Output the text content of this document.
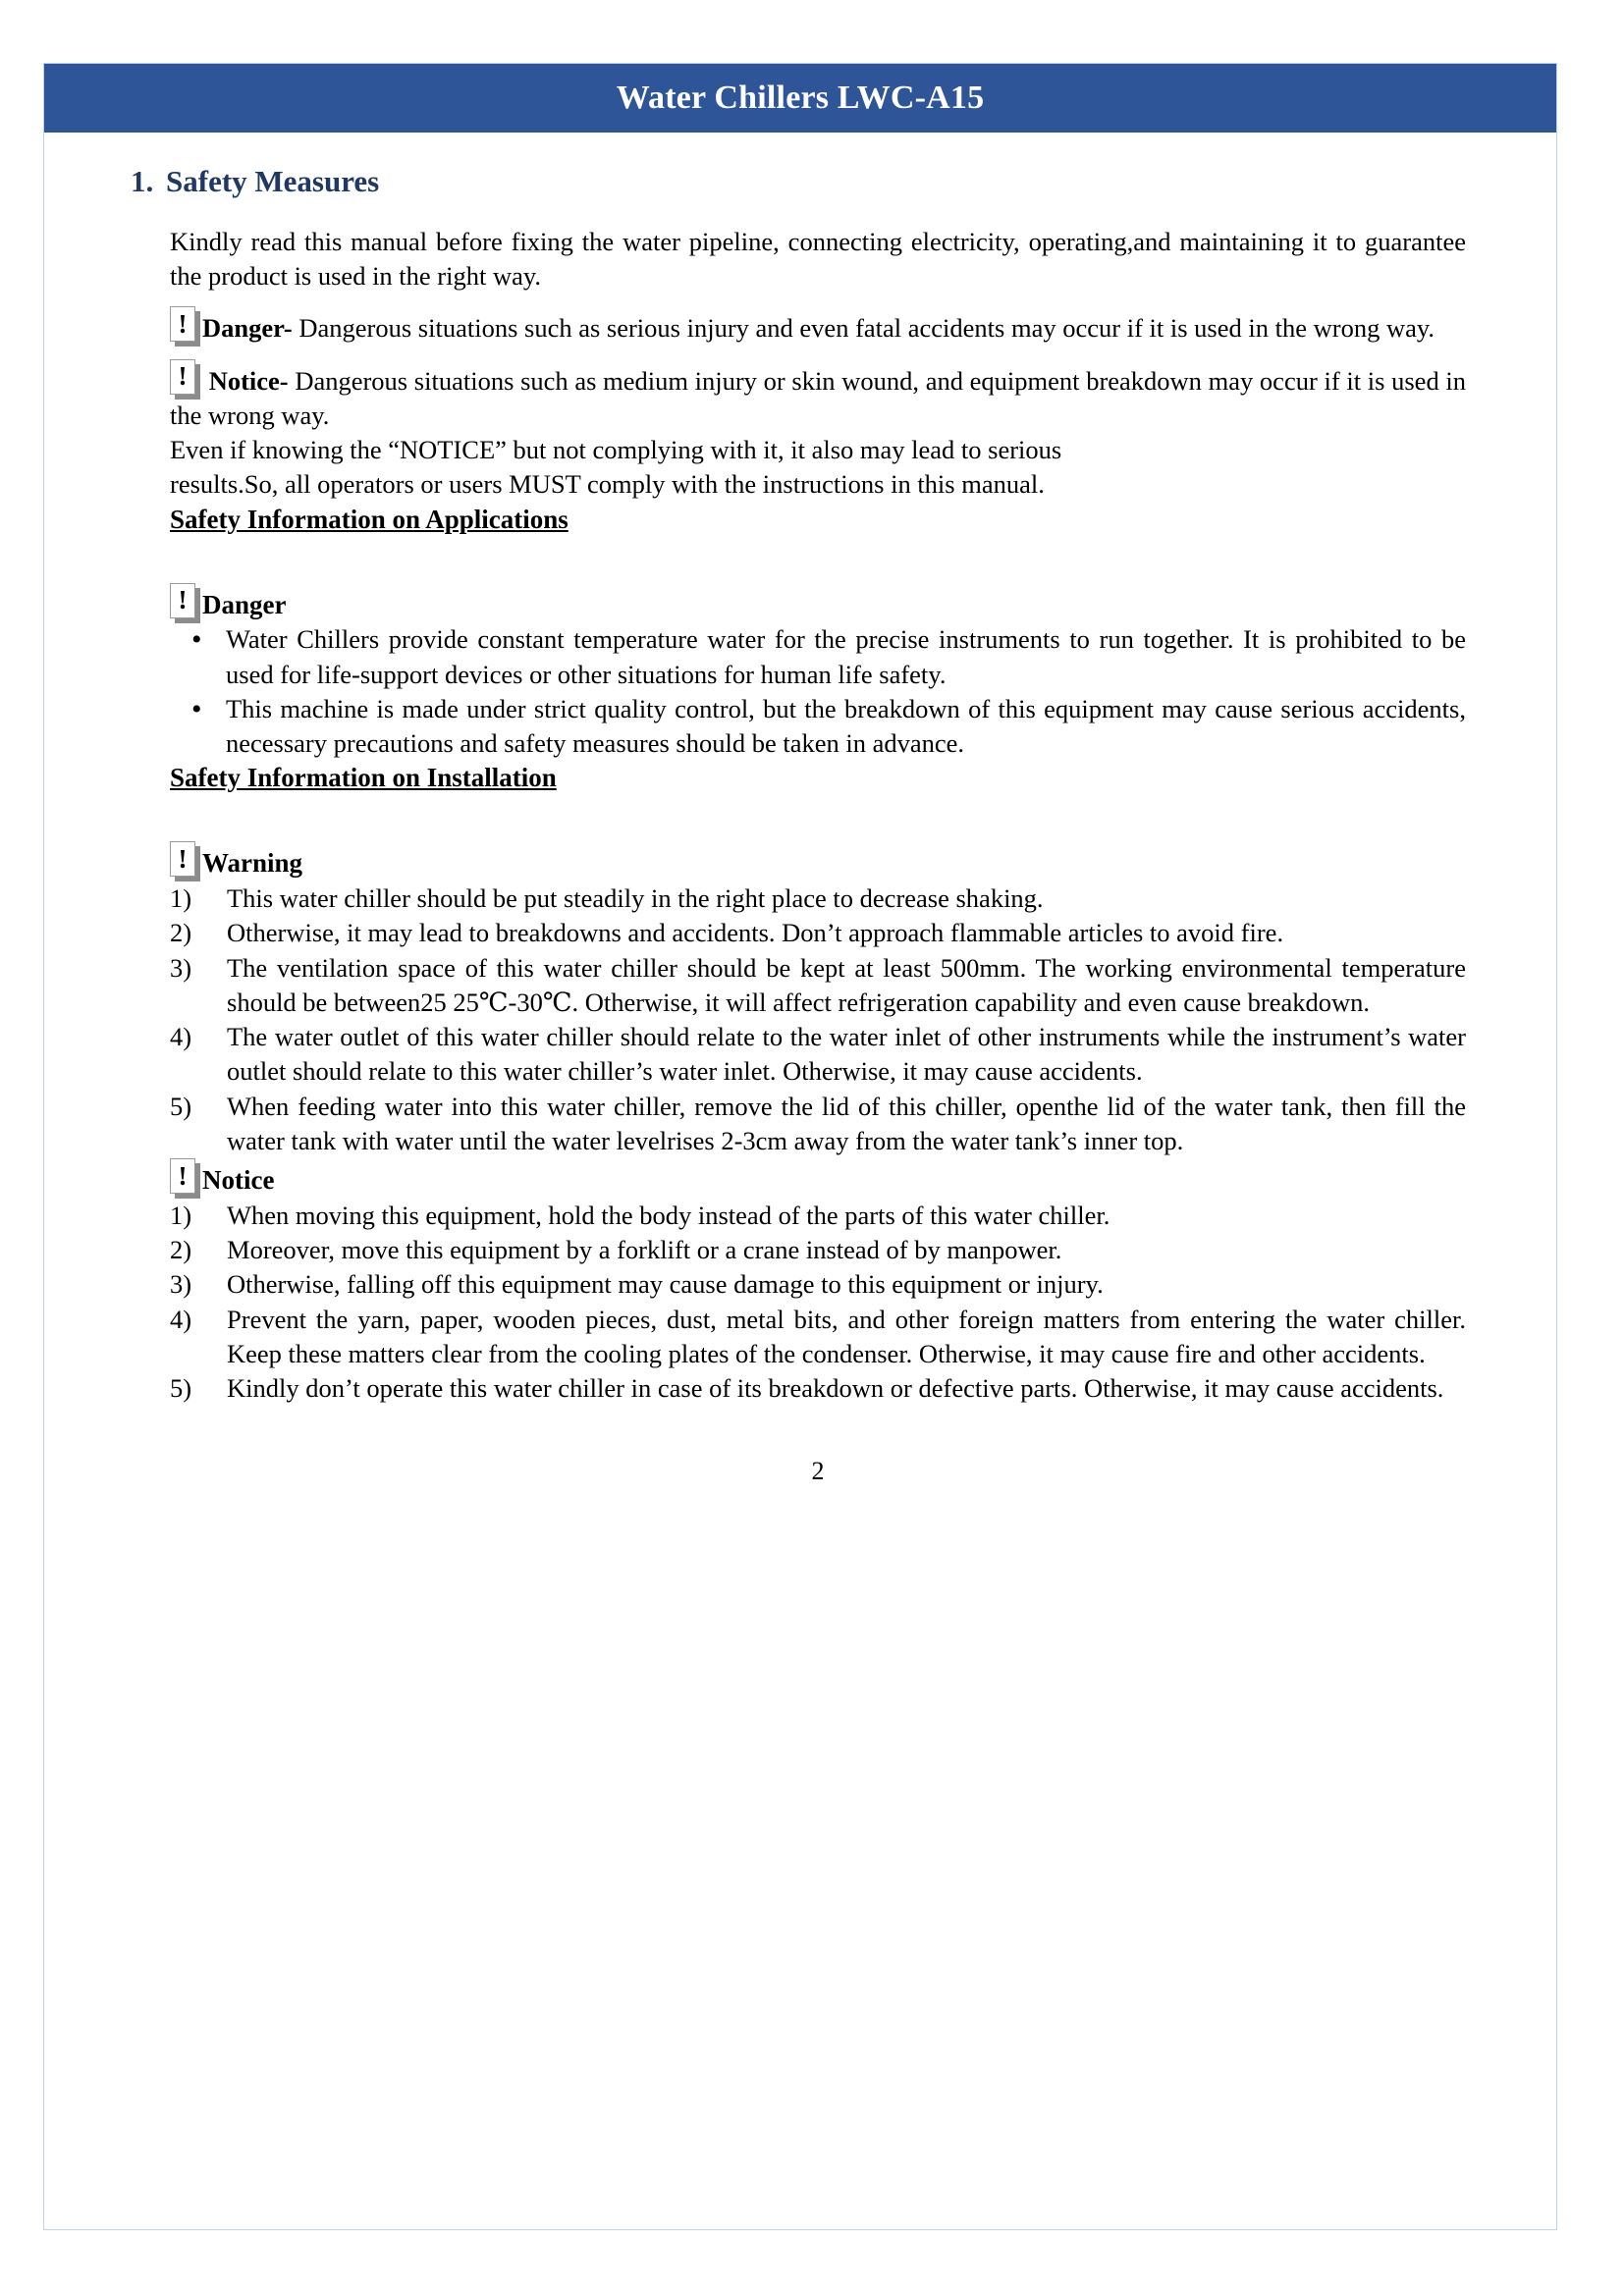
Water Chillers LWC-A15
1. Safety Measures

Kindly read this manual before fixing the water pipeline, connecting electricity, operating,and maintaining it to guarantee the product is used in the right way.

! Danger- Dangerous situations such as serious injury and even fatal accidents may occur if it is used in the wrong way.

! Notice- Dangerous situations such as medium injury or skin wound, and equipment breakdown may occur if it is used in the wrong way.

Even if knowing the “NOTICE” but not complying with it, it also may lead to serious

results.So, all operators or users MUST comply with the instructions in this manual.

Safety Information on Applications

! Danger

• Water Chillers provide constant temperature water for the precise instruments to run together. It is prohibited to be used for life-support devices or other situations for human life safety.
• This machine is made under strict quality control, but the breakdown of this equipment may cause serious accidents, necessary precautions and safety measures should be taken in advance.

Safety Information on Installation

! Warning

This water chiller should be put steadily in the right place to decrease shaking.
Otherwise, it may lead to breakdowns and accidents. Don’t approach flammable articles to avoid fire.
The ventilation space of this water chiller should be kept at least 500mm. The working environmental temperature should be between25 25℃-30℃. Otherwise, it will affect refrigeration capability and even cause breakdown.
The water outlet of this water chiller should relate to the water inlet of other instruments while the instrument’s water outlet should relate to this water chiller’s water inlet. Otherwise, it may cause accidents.
When feeding water into this water chiller, remove the lid of this chiller, openthe lid of the water tank, then fill the water tank with water until the water levelrises 2-3cm away from the water tank’s inner top.

! Notice

When moving this equipment, hold the body instead of the parts of this water chiller.
Moreover, move this equipment by a forklift or a crane instead of by manpower.
Otherwise, falling off this equipment may cause damage to this equipment or injury.
Prevent the yarn, paper, wooden pieces, dust, metal bits, and other foreign matters from entering the water chiller. Keep these matters clear from the cooling plates of the condenser. Otherwise, it may cause fire and other accidents.
Kindly don’t operate this water chiller in case of its breakdown or defective parts. Otherwise, it may cause accidents.
2
